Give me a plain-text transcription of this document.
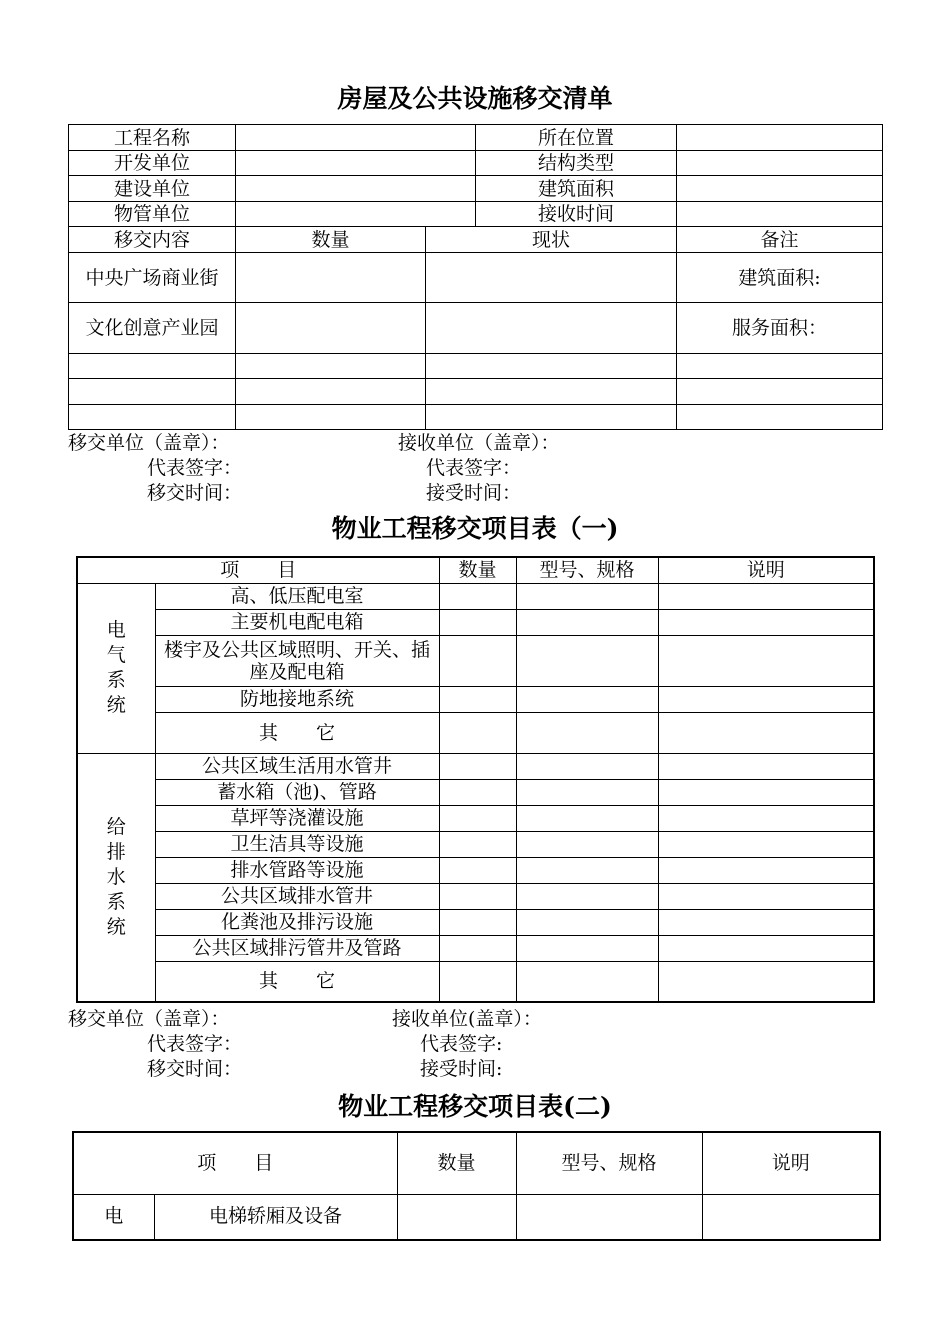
房屋及公共设施移交清单
工程名称			所在位置	
开发单位			结构类型	
建设单位			建筑面积	
物管单位			接收时间	
移交内容	数量	现状		备注
中央广场商业街				建筑面积:
文化创意产业园				服务面积：

移交单位（盖章）：	接收单位（盖章）：
代表签字：	代表签字：
移交时间：	接受时间：
物业工程移交项目表（一)
项　　目		数量	型号、规格	说明

电气系统	高、低压配电室			
	主要机电配电箱			
	楼宇及公共区域照明、开关、插座及配电箱			
	防地接地系统			
	其　　它			

给排水系统	公共区域生活用水管井			
	蓄水箱（池)、管路			
	草坪等浇灌设施			
	卫生洁具等设施			
	排水管路等设施			
	公共区域排水管井			
	化粪池及排污设施			
	公共区域排污管井及管路			
	其　　它			
移交单位（盖章）：	接收单位(盖章）：
代表签字：	代表签字:
移交时间：	接受时间:
物业工程移交项目表(二)
项　　目		数量	型号、规格	说明
电	电梯轿厢及设备			
